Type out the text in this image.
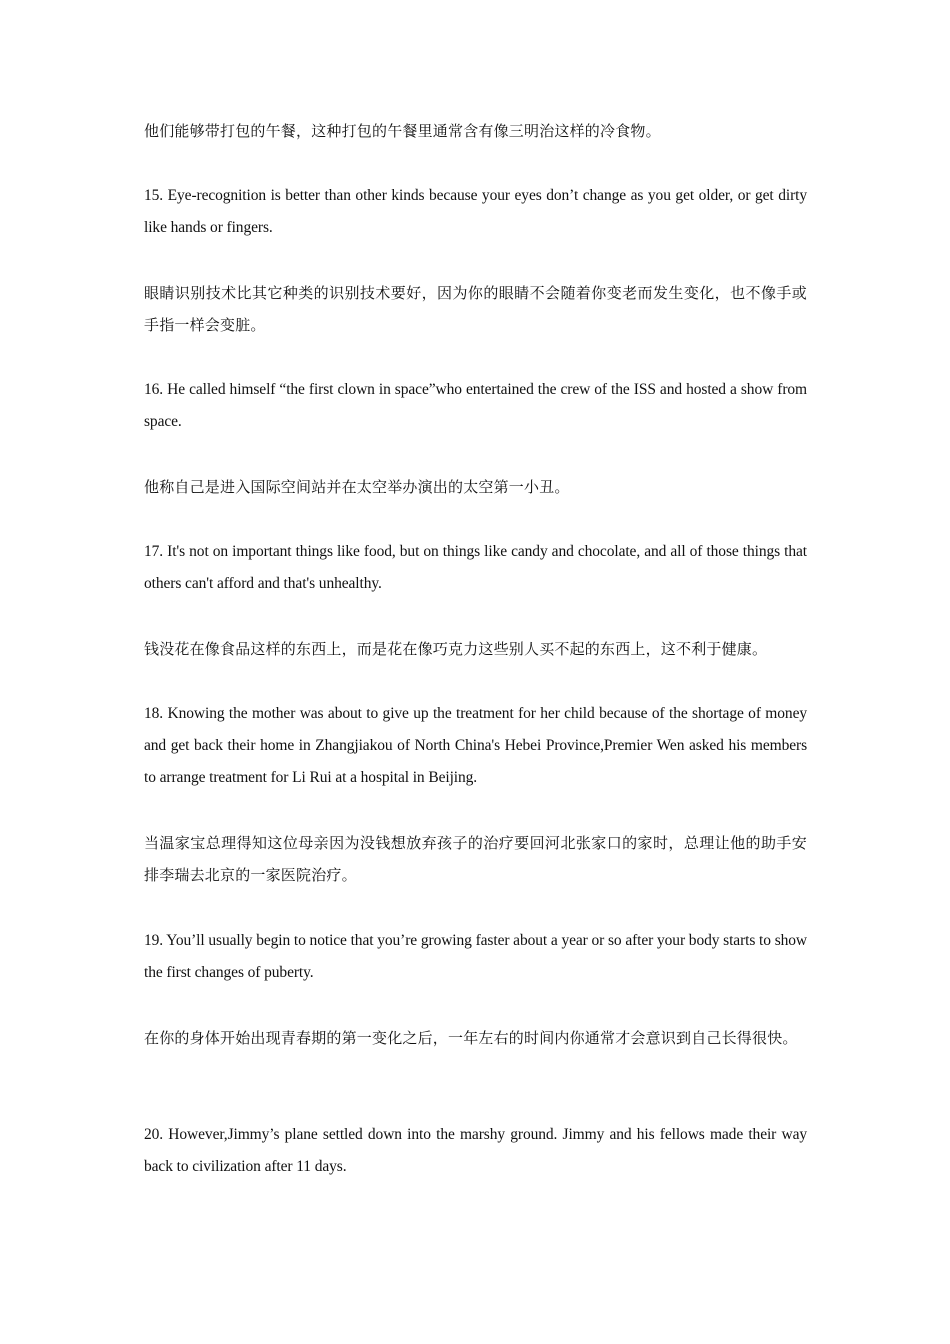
他们能够带打包的午餐，这种打包的午餐里通常含有像三明治这样的冷食物。

15. Eye-recognition is better than other kinds because your eyes don’t change as you get older, or get dirty like hands or fingers.

眼睛识别技术比其它种类的识别技术要好，因为你的眼睛不会随着你变老而发生变化，也不像手或手指一样会变脏。

16. He called himself “the first clown in space”who entertained the crew of the ISS and hosted a show from space.

他称自己是进入国际空间站并在太空举办演出的太空第一小丑。

17. It's not on important things like food, but on things like candy and chocolate, and all of those things that others can't afford and that's unhealthy.

钱没花在像食品这样的东西上，而是花在像巧克力这些别人买不起的东西上，这不利于健康。

18. Knowing the mother was about to give up the treatment for her child because of the shortage of money and get back their home in Zhangjiakou of North China's Hebei Province,Premier Wen asked his members to arrange treatment for Li Rui at a hospital in Beijing.

当温家宝总理得知这位母亲因为没钱想放弃孩子的治疗要回河北张家口的家时，总理让他的助手安排李瑞去北京的一家医院治疗。

19. You’ll usually begin to notice that you’re growing faster about a year or so after your body starts to show the first changes of puberty.

在你的身体开始出现青春期的第一变化之后，一年左右的时间内你通常才会意识到自己长得很快。

20. However,Jimmy’s plane settled down into the marshy ground. Jimmy and his fellows made their way back to civilization after 11 days.
